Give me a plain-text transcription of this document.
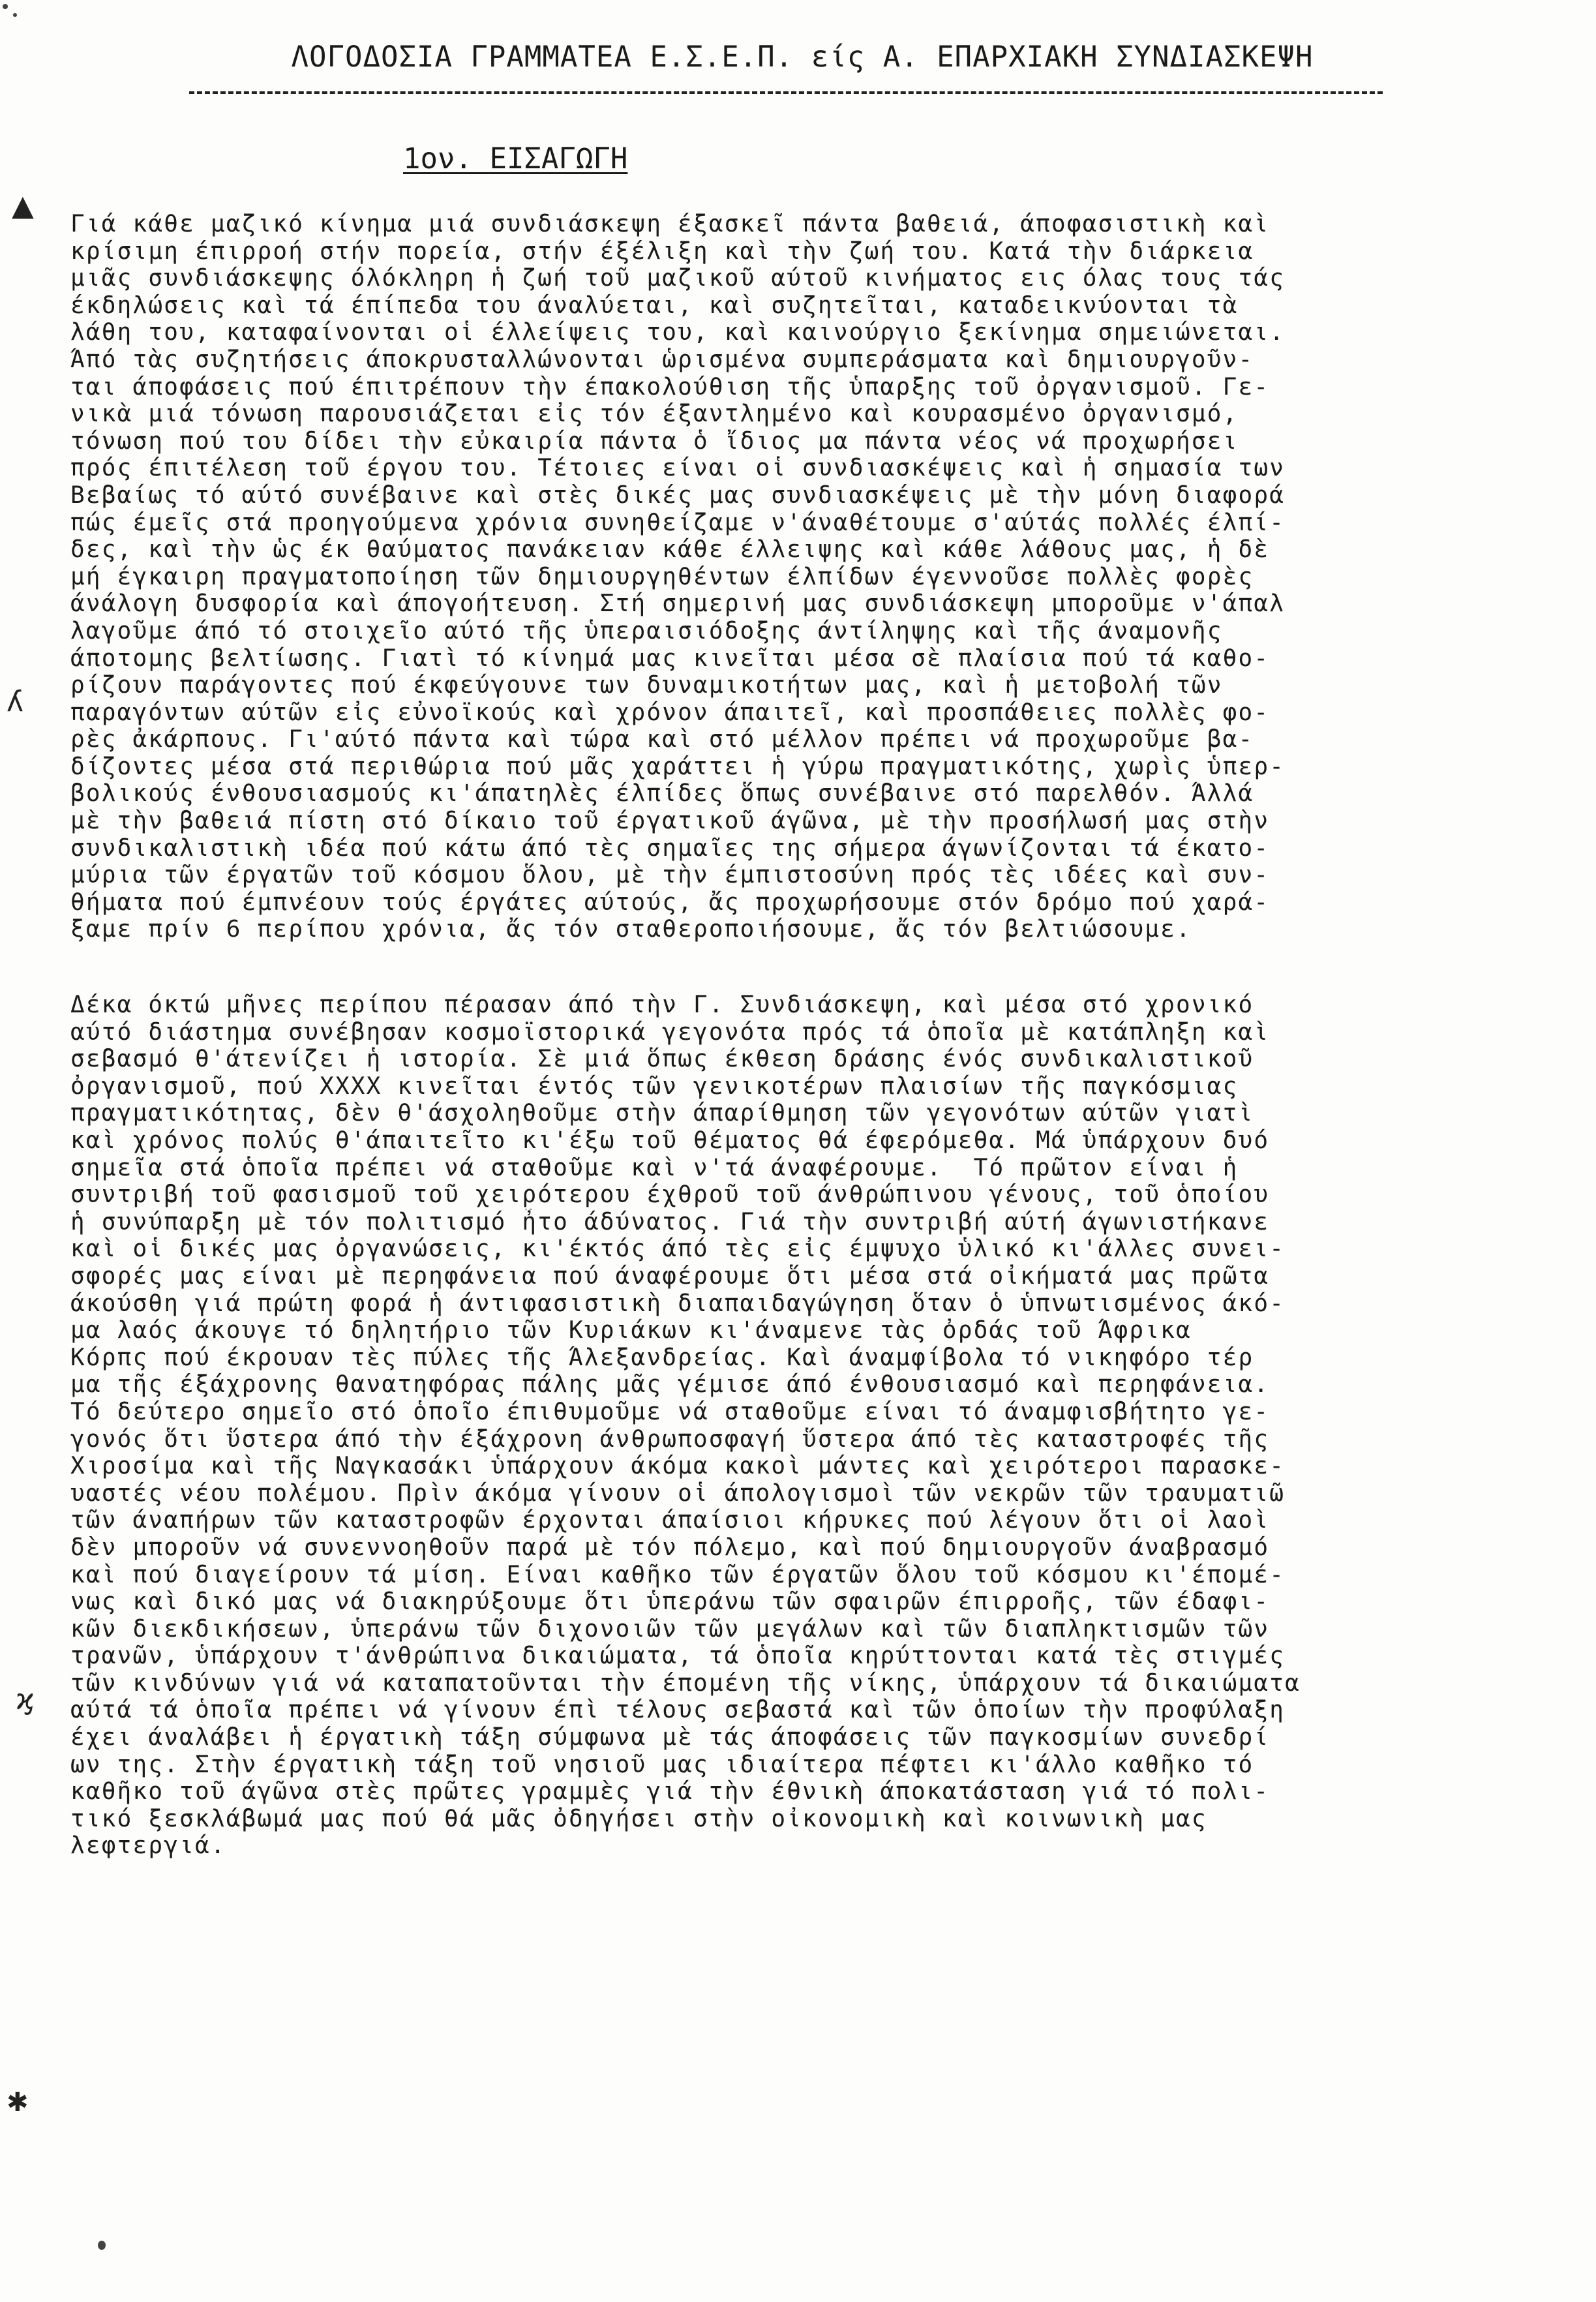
ΛΟΓΟΔΟΣΙΑ ΓΡΑΜΜΑΤΕΑ Ε.Σ.Ε.Π. είς Α. ΕΠΑΡΧΙΑΚΗ ΣΥΝΔΙΑΣΚΕΨΗ
1ον. ΕΙΣΑΓΩΓΗ
Γιά κάθε μαζικό κίνημα μιά συνδιάσκεψη έξασκεῖ πάντα βαθειά, άποφασιστικὴ καὶ
κρίσιμη έπιρροή στήν πορεία, στήν έξέλιξη καὶ τὴν ζωή του. Κατά τὴν διάρκεια
μιᾶς συνδιάσκεψης όλόκληρη ἡ ζωή τοῦ μαζικοῦ αύτοῦ κινήματος εις όλας τους τάς
έκδηλώσεις καὶ τά έπίπεδα του άναλύεται, καὶ συζητεῖται, καταδεικνύονται τὰ
λάθη του, καταφαίνονται οἱ έλλείψεις του, καὶ καινούργιο ξεκίνημα σημειώνεται.
Άπό τὰς συζητήσεις άποκρυσταλλώνονται ὡρισμένα συμπεράσματα καὶ δημιουργοῦν-
ται άποφάσεις πού έπιτρέπουν τὴν έπακολούθιση τῆς ὑπαρξης τοῦ ὀργανισμοῦ. Γε-
νικὰ μιά τόνωση παρουσιάζεται εἰς τόν έξαντλημένο καὶ κουρασμένο ὀργανισμό,
τόνωση πού του δίδει τὴν εὐκαιρία πάντα ὁ ἴδιος μα πάντα νέος νά προχωρήσει
πρός έπιτέλεση τοῦ έργου του. Τέτοιες είναι οἱ συνδιασκέψεις καὶ ἡ σημασία των
Βεβαίως τό αύτό συνέβαινε καὶ στὲς δικές μας συνδιασκέψεις μὲ τὴν μόνη διαφορά
πώς έμεῖς στά προηγούμενα χρόνια συνηθείζαμε ν'άναθέτουμε σ'αύτάς πολλές έλπί-
δες, καὶ τὴν ὡς έκ θαύματος πανάκειαν κάθε έλλειψης καὶ κάθε λάθους μας, ἡ δὲ
μή έγκαιρη πραγματοποίηση τῶν δημιουργηθέντων έλπίδων έγεννοῦσε πολλὲς φορὲς
άνάλογη δυσφορία καὶ άπογοήτευση. Στή σημερινή μας συνδιάσκεψη μποροῦμε ν'άπαλ
λαγοῦμε άπό τό στοιχεῖο αύτό τῆς ὑπεραισιόδοξης άντίληψης καὶ τῆς άναμονῆς
άποτομης βελτίωσης. Γιατὶ τό κίνημά μας κινεῖται μέσα σὲ πλαίσια πού τά καθο-
ρίζουν παράγοντες πού έκφεύγουνε των δυναμικοτήτων μας, καὶ ἡ μετοβολή τῶν
παραγόντων αύτῶν εἰς εὐνοϊκούς καὶ χρόνον άπαιτεῖ, καὶ προσπάθειες πολλὲς φο-
ρὲς ἀκάρπους. Γι'αύτό πάντα καὶ τώρα καὶ στό μέλλον πρέπει νά προχωροῦμε βα-
δίζοντες μέσα στά περιθώρια πού μᾶς χαράττει ἡ γύρω πραγματικότης, χωρὶς ὑπερ-
βολικούς ένθουσιασμούς κι'άπατηλὲς έλπίδες ὅπως συνέβαινε στό παρελθόν. Άλλά
μὲ τὴν βαθειά πίστη στό δίκαιο τοῦ έργατικοῦ άγῶνα, μὲ τὴν προσήλωσή μας στὴν
συνδικαλιστικὴ ιδέα πού κάτω άπό τὲς σημαῖες της σήμερα άγωνίζονται τά έκατο-
μύρια τῶν έργατῶν τοῦ κόσμου ὅλου, μὲ τὴν έμπιστοσύνη πρός τὲς ιδέες καὶ συν-
θήματα πού έμπνέουν τούς έργάτες αύτούς, ἄς προχωρήσουμε στόν δρόμο πού χαρά-
ξαμε πρίν 6 περίπου χρόνια, ἄς τόν σταθεροποιήσουμε, ἄς τόν βελτιώσουμε.
Δέκα όκτώ μῆνες περίπου πέρασαν άπό τὴν Γ. Συνδιάσκεψη, καὶ μέσα στό χρονικό
αύτό διάστημα συνέβησαν κοσμοϊστορικά γεγονότα πρός τά ὁποῖα μὲ κατάπληξη καὶ
σεβασμό θ'άτενίζει ἡ ιστορία. Σὲ μιά ὅπως έκθεση δράσης ένός συνδικαλιστικοῦ
ὀργανισμοῦ, πού ΧΧΧΧ κινεῖται έντός τῶν γενικοτέρων πλαισίων τῆς παγκόσμιας
πραγματικότητας, δὲν θ'άσχοληθοῦμε στὴν άπαρίθμηση τῶν γεγονότων αύτῶν γιατὶ
καὶ χρόνος πολύς θ'άπαιτεῖτο κι'έξω τοῦ θέματος θά έφερόμεθα. Μά ὑπάρχουν δυό
σημεῖα στά ὁποῖα πρέπει νά σταθοῦμε καὶ ν'τά άναφέρουμε.  Τό πρῶτον είναι ἡ
συντριβή τοῦ φασισμοῦ τοῦ χειρότερου έχθροῦ τοῦ άνθρώπινου γένους, τοῦ ὁποίου
ἡ συνύπαρξη μὲ τόν πολιτισμό ἦτο άδύνατος. Γιά τὴν συντριβή αύτή άγωνιστήκανε
καὶ οἱ δικές μας ὀργανώσεις, κι'έκτός άπό τὲς εἰς έμψυχο ὑλικό κι'άλλες συνει-
σφορές μας είναι μὲ περηφάνεια πού άναφέρουμε ὅτι μέσα στά οἰκήματά μας πρῶτα
άκούσθη γιά πρώτη φορά ἡ άντιφασιστικὴ διαπαιδαγώγηση ὅταν ὁ ὑπνωτισμένος άκό-
μα λαός άκουγε τό δηλητήριο τῶν Κυριάκων κι'άναμενε τὰς ὀρδάς τοῦ Άφρικα
Κόρπς πού έκρουαν τὲς πύλες τῆς Άλεξανδρείας. Καὶ άναμφίβολα τό νικηφόρο τέρ
μα τῆς έξάχρονης θανατηφόρας πάλης μᾶς γέμισε άπό ένθουσιασμό καὶ περηφάνεια.
Τό δεύτερο σημεῖο στό ὁποῖο έπιθυμοῦμε νά σταθοῦμε είναι τό άναμφισβήτητο γε-
γονός ὅτι ὕστερα άπό τὴν έξάχρονη άνθρωποσφαγή ὕστερα άπό τὲς καταστροφές τῆς
Χιροσίμα καὶ τῆς Ναγκασάκι ὑπάρχουν άκόμα κακοὶ μάντες καὶ χειρότεροι παρασκε-
υαστές νέου πολέμου. Πρὶν άκόμα γίνουν οἱ άπολογισμοὶ τῶν νεκρῶν τῶν τραυματιῶ
τῶν άναπήρων τῶν καταστροφῶν έρχονται άπαίσιοι κήρυκες πού λέγουν ὅτι οἱ λαοὶ
δὲν μποροῦν νά συνεννοηθοῦν παρά μὲ τόν πόλεμο, καὶ πού δημιουργοῦν άναβρασμό
καὶ πού διαγείρουν τά μίση. Είναι καθῆκο τῶν έργατῶν ὅλου τοῦ κόσμου κι'έπομέ-
νως καὶ δικό μας νά διακηρύξουμε ὅτι ὑπεράνω τῶν σφαιρῶν έπιρροῆς, τῶν έδαφι-
κῶν διεκδικήσεων, ὑπεράνω τῶν διχονοιῶν τῶν μεγάλων καὶ τῶν διαπληκτισμῶν τῶν
τρανῶν, ὑπάρχουν τ'άνθρώπινα δικαιώματα, τά ὁποῖα κηρύττονται κατά τὲς στιγμές
τῶν κινδύνων γιά νά καταπατοῦνται τὴν έπομένη τῆς νίκης, ὑπάρχουν τά δικαιώματα
αύτά τά ὁποῖα πρέπει νά γίνουν έπὶ τέλους σεβαστά καὶ τῶν ὁποίων τὴν προφύλαξη
έχει άναλάβει ἡ έργατικὴ τάξη σύμφωνα μὲ τάς άποφάσεις τῶν παγκοσμίων συνεδρί
ων της. Στὴν έργατικὴ τάξη τοῦ νησιοῦ μας ιδιαίτερα πέφτει κι'άλλο καθῆκο τό
καθῆκο τοῦ άγῶνα στὲς πρῶτες γραμμὲς γιά τὴν έθνικὴ άποκατάσταση γιά τό πολι-
τικό ξεσκλάβωμά μας πού θά μᾶς ὀδηγήσει στὴν οἰκονομικὴ καὶ κοινωνικὴ μας
λεφτεργιά.
▲
ʎ
ϗ
✱
